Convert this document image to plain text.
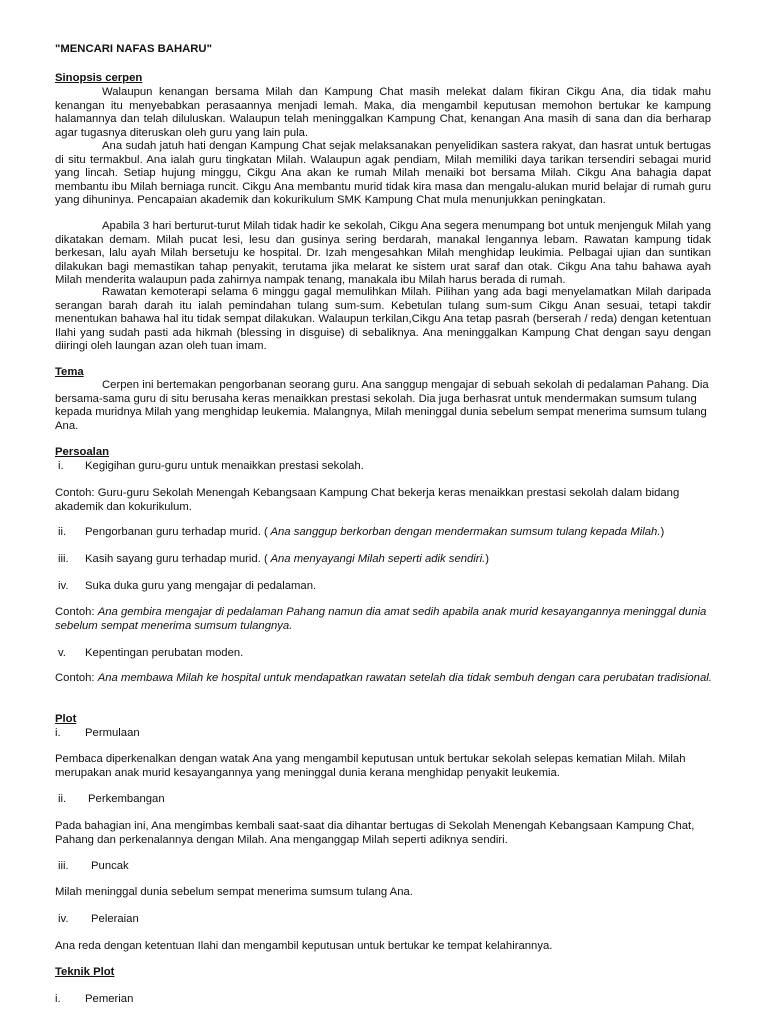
"MENCARI NAFAS BAHARU"
Sinopsis cerpen
Walaupun kenangan bersama Milah dan Kampung Chat masih melekat dalam fikiran Cikgu Ana, dia tidak mahu kenangan itu menyebabkan perasaannya menjadi lemah. Maka, dia mengambil keputusan memohon bertukar ke kampung halamannya dan telah diluluskan. Walaupun telah meninggalkan Kampung Chat, kenangan Ana masih di sana dan dia berharap agar tugasnya diteruskan oleh guru yang lain pula.
Ana sudah jatuh hati dengan Kampung Chat sejak melaksanakan penyelidikan sastera rakyat, dan hasrat untuk bertugas di situ termakbul. Ana ialah guru tingkatan Milah. Walaupun agak pendiam, Milah memiliki daya tarikan tersendiri sebagai murid yang lincah. Setiap hujung minggu, Cikgu Ana akan ke rumah Milah menaiki bot bersama Milah. Cikgu Ana bahagia dapat membantu ibu Milah berniaga runcit. Cikgu Ana membantu murid tidak kira masa dan mengalu-alukan murid belajar di rumah guru yang dihuninya. Pencapaian akademik dan kokurikulum SMK Kampung Chat mula menunjukkan peningkatan.
Apabila 3 hari berturut-turut Milah tidak hadir ke sekolah, Cikgu Ana segera menumpang bot untuk menjenguk Milah yang dikatakan demam. Milah pucat lesi, lesu dan gusinya sering berdarah, manakal lengannya lebam. Rawatan kampung tidak berkesan, lalu ayah Milah bersetuju ke hospital. Dr. Izah mengesahkan Milah menghidap leukimia. Pelbagai ujian dan suntikan dilakukan bagi memastikan tahap penyakit, terutama jika melarat ke sistem urat saraf dan otak. Cikgu Ana tahu bahawa ayah Milah menderita walaupun pada zahirnya nampak tenang, manakala ibu Milah harus berada di rumah.
Rawatan kemoterapi selama 6 minggu gagal memulihkan Milah. Pilihan yang ada bagi menyelamatkan Milah daripada serangan barah darah itu ialah pemindahan tulang sum-sum. Kebetulan tulang sum-sum Cikgu Anan sesuai, tetapi takdir menentukan bahawa hal itu tidak sempat dilakukan. Walaupun terkilan,Cikgu Ana tetap pasrah (berserah / reda) dengan ketentuan Ilahi yang sudah pasti ada hikmah (blessing in disguise) di sebaliknya. Ana meninggalkan Kampung Chat dengan sayu dengan diiringi oleh laungan azan oleh tuan imam.
Tema
Cerpen ini bertemakan pengorbanan seorang guru. Ana sanggup mengajar di sebuah sekolah di pedalaman Pahang. Dia bersama-sama guru di situ berusaha keras menaikkan prestasi sekolah. Dia juga berhasrat untuk mendermakan sumsum tulang kepada muridnya Milah yang menghidap leukemia. Malangnya, Milah meninggal dunia sebelum sempat menerima sumsum tulang Ana.
Persoalan
i. Kegigihan guru-guru untuk menaikkan prestasi sekolah.
Contoh: Guru-guru Sekolah Menengah Kebangsaan Kampung Chat bekerja keras menaikkan prestasi sekolah dalam bidang akademik dan kokurikulum.
ii. Pengorbanan guru terhadap murid. ( Ana sanggup berkorban dengan mendermakan sumsum tulang kepada Milah.)
iii. Kasih sayang guru terhadap murid. ( Ana menyayangi Milah seperti adik sendiri.)
iv. Suka duka guru yang mengajar di pedalaman.
Contoh: Ana gembira mengajar di pedalaman Pahang namun dia amat sedih apabila anak murid kesayangannya meninggal dunia sebelum sempat menerima sumsum tulangnya.
v. Kepentingan perubatan moden.
Contoh: Ana membawa Milah ke hospital untuk mendapatkan rawatan setelah dia tidak sembuh dengan cara perubatan tradisional.
Plot
i. Permulaan
Pembaca diperkenalkan dengan watak Ana yang mengambil keputusan untuk bertukar sekolah selepas kematian Milah. Milah merupakan anak murid kesayangannya yang meninggal dunia kerana menghidap penyakit leukemia.
ii. Perkembangan
Pada bahagian ini, Ana mengimbas kembali saat-saat dia dihantar bertugas di Sekolah Menengah Kebangsaan Kampung Chat, Pahang dan perkenalannya dengan Milah. Ana menganggap Milah seperti adiknya sendiri.
iii. Puncak
Milah meninggal dunia sebelum sempat menerima sumsum tulang Ana.
iv. Peleraian
Ana reda dengan ketentuan Ilahi dan mengambil keputusan untuk bertukar ke tempat kelahirannya.
Teknik Plot
i. Pemerian
